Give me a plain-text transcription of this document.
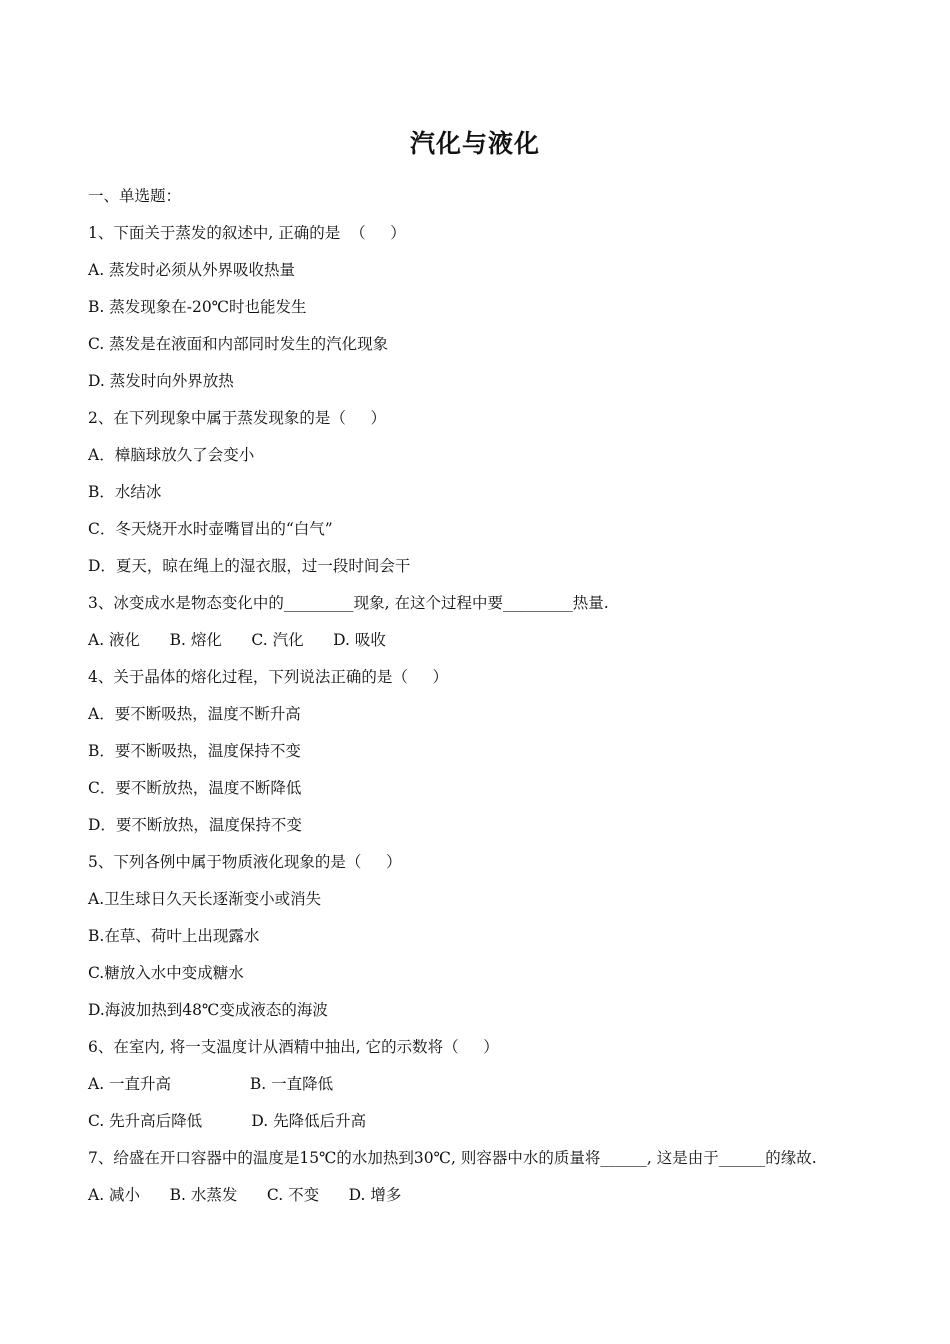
汽化与液化
一、单选题：
1、下面关于蒸发的叙述中, 正确的是  （     ）
A. 蒸发时必须从外界吸收热量
B. 蒸发现象在-20℃时也能发生
C. 蒸发是在液面和内部同时发生的汽化现象
D. 蒸发时向外界放热
2、在下列现象中属于蒸发现象的是（     ）
A．樟脑球放久了会变小
B．水结冰
C．冬天烧开水时壶嘴冒出的“白气”
D．夏天，晾在绳上的湿衣服，过一段时间会干
3、冰变成水是物态变化中的_________现象, 在这个过程中要_________热量.
A. 液化      B. 熔化      C. 汽化      D. 吸收
4、关于晶体的熔化过程，下列说法正确的是（     ）
A．要不断吸热，温度不断升高
B．要不断吸热，温度保持不变
C．要不断放热，温度不断降低
D．要不断放热，温度保持不变
5、下列各例中属于物质液化现象的是（     ）
A.卫生球日久天长逐渐变小或消失
B.在草、荷叶上出现露水
C.糖放入水中变成糖水
D.海波加热到48℃变成液态的海波
6、在室内, 将一支温度计从酒精中抽出, 它的示数将（     ）
A. 一直升高                B. 一直降低
C. 先升高后降低          D. 先降低后升高
7、给盛在开口容器中的温度是15℃的水加热到30℃, 则容器中水的质量将______, 这是由于______的缘故.
A. 减小      B. 水蒸发      C. 不变      D. 增多
